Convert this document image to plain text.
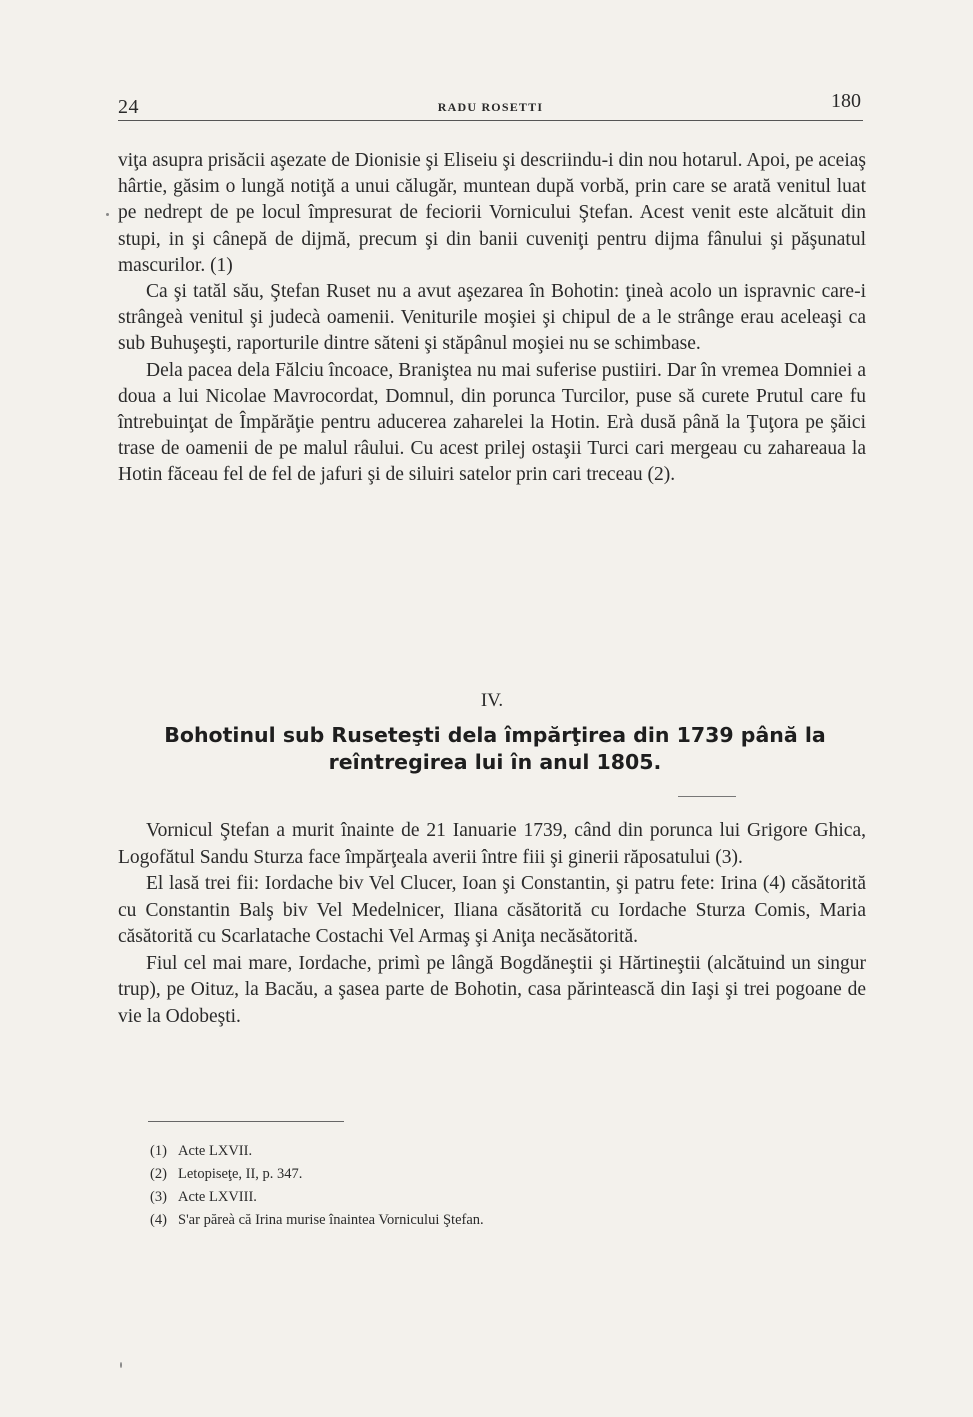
24	RADU ROSETTI	180

viţa asupra prisăcii aşezate de Dionisie şi Eliseiu şi descriindu-i din nou hotarul. Apoi, pe aceiaş hârtie, găsim o lungă notiţă a unui călugăr, muntean după vorbă, prin care se arată venitul luat pe nedrept de pe locul împresurat de feciorii Vornicului Ştefan. Acest venit este alcătuit din stupi, in şi cânepă de dijmă, precum şi din banii cuveniţi pentru dijma fânului şi păşunatul mascurilor. (1)

Ca şi tatăl său, Ştefan Ruset nu a avut aşezarea în Bohotin: ţineà acolo un ispravnic care-i strângeà venitul şi judecà oamenii. Veniturile moşiei şi chipul de a le strânge erau aceleaşi ca sub Buhuşeşti, raporturile dintre săteni şi stăpânul moşiei nu se schimbase.

Dela pacea dela Fălciu încoace, Braniştea nu mai suferise pustiiri. Dar în vremea Domniei a doua a lui Nicolae Mavrocordat, Domnul, din porunca Turcilor, puse să curete Prutul care fu întrebuinţat de Împărăţie pentru aducerea zaharelei la Hotin. Erà dusă până la Ţuţora pe şăici trase de oamenii de pe malul râului. Cu acest prilej ostaşii Turci cari mergeau cu zahareaua la Hotin făceau fel de fel de jafuri şi de siluiri satelor prin cari treceau (2).

IV.
Bohotinul sub Ruseteşti dela împărţirea din 1739 până la
reîntregirea lui în anul 1805.

Vornicul Ştefan a murit înainte de 21 Ianuarie 1739, când din porunca lui Grigore Ghica, Logofătul Sandu Sturza face împărţeala averii între fiii şi ginerii răposatului (3).

El lasă trei fii: Iordache biv Vel Clucer, Ioan şi Constantin, şi patru fete: Irina (4) căsătorită cu Constantin Balş biv Vel Medelnicer, Iliana căsătorită cu Iordache Sturza Comis, Maria căsătorită cu Scarlatache Costachi Vel Armaş şi Aniţa necăsătorită.

Fiul cel mai mare, Iordache, primì pe lângă Bogdăneştii şi Hărtineştii (alcătuind un singur trup), pe Oituz, la Bacău, a şasea parte de Bohotin, casa părintească din Iaşi şi trei pogoane de vie la Odobeşti.

(1) Acte LXVII.
(2) Letopiseţe, II, p. 347.
(3) Acte LXVIII.
(4) S'ar păreà că Irina murise înaintea Vornicului Ştefan.
